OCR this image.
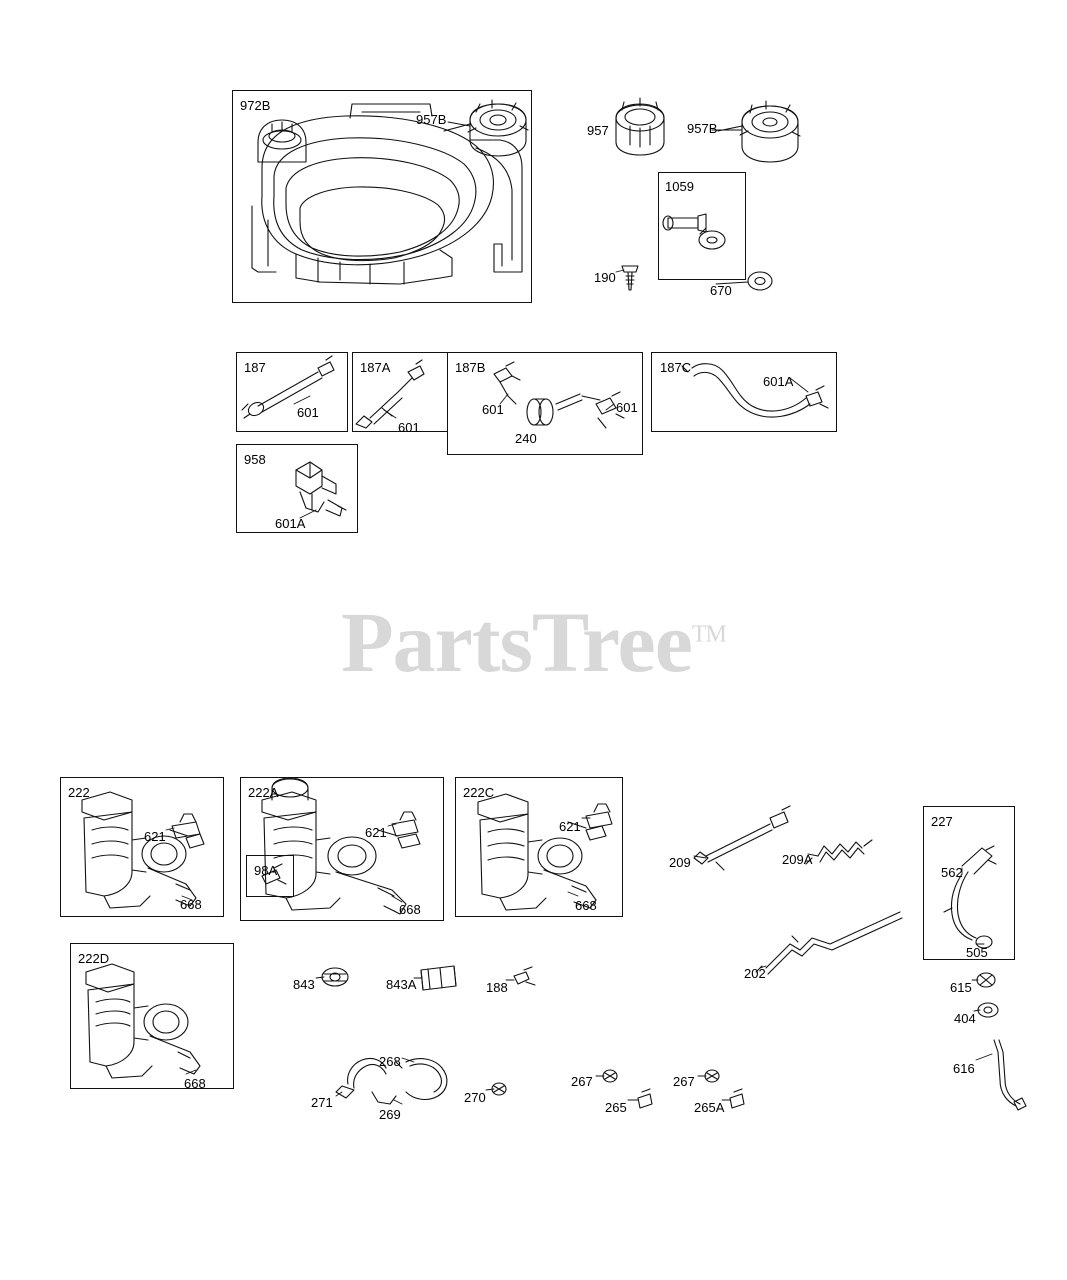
PartsTree™
972B
957B
957	957B
1059
190
670
187
601
187A
601
187B
601	601
240
187C
601A
958
601A
222
621
668
222A
621
98A
668
222C
621
668
209	209A
227
562
505
202
615
404
616
222D
668
843	843A	188
268
271
269
270
267
265
267
265A
